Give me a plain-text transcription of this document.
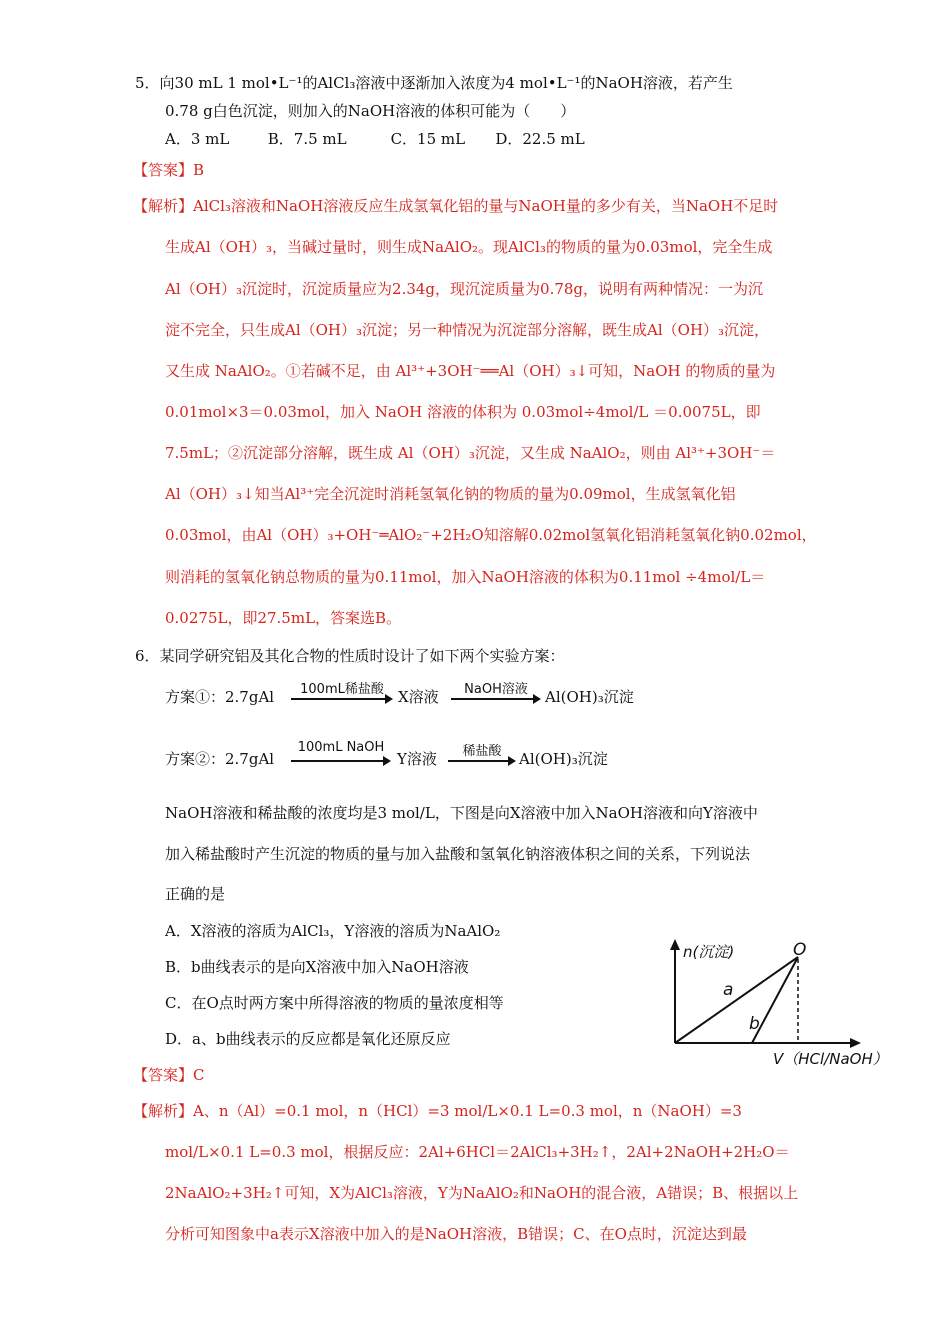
5．向30 mL 1 mol•L⁻¹的AlCl₃溶液中逐渐加入浓度为4 mol•L⁻¹的NaOH溶液，若产生
0.78 g白色沉淀，则加入的NaOH溶液的体积可能为（　　）
A．3 mL	B．7.5 mL	C．15 mL D．22.5 mL
【答案】B
【解析】AlCl₃溶液和NaOH溶液反应生成氢氧化铝的量与NaOH量的多少有关，当NaOH不足时
生成Al（OH）₃，当碱过量时，则生成NaAlO₂。现AlCl₃的物质的量为0.03mol，完全生成
Al（OH）₃沉淀时，沉淀质量应为2.34g，现沉淀质量为0.78g，说明有两种情况：一为沉
淀不完全，只生成Al（OH）₃沉淀；另一种情况为沉淀部分溶解，既生成Al（OH）₃沉淀，
又生成 NaAlO₂。①若碱不足，由 Al³⁺+3OH⁻══Al（OH）₃↓可知，NaOH 的物质的量为
0.01mol×3＝0.03mol，加入 NaOH 溶液的体积为 0.03mol÷4mol/L ＝0.0075L，即
7.5mL；②沉淀部分溶解，既生成 Al（OH）₃沉淀，又生成 NaAlO₂，则由 Al³⁺+3OH⁻＝
Al（OH）₃↓知当Al³⁺完全沉淀时消耗氢氧化钠的物质的量为0.09mol，生成氢氧化铝
0.03mol，由Al（OH）₃+OH⁻═AlO₂⁻+2H₂O知溶解0.02mol氢氧化铝消耗氢氧化钠0.02mol，
则消耗的氢氧化钠总物质的量为0.11mol，加入NaOH溶液的体积为0.11mol ÷4mol/L＝
0.0275L，即27.5mL，答案选B。
6．某同学研究铝及其化合物的性质时设计了如下两个实验方案：
方案①：2.7gAl	100mL稀盐酸 X溶液	NaOH溶液	Al(OH)₃沉淀
方案②：2.7gAl
100mL NaOH
Y溶液	稀盐酸	Al(OH)₃沉淀
NaOH溶液和稀盐酸的浓度均是3 mol/L，下图是向X溶液中加入NaOH溶液和向Y溶液中
加入稀盐酸时产生沉淀的物质的量与加入盐酸和氢氧化钠溶液体积之间的关系，下列说法
正确的是
A．X溶液的溶质为AlCl₃，Y溶液的溶质为NaAlO₂
B．b曲线表示的是向X溶液中加入NaOH溶液
C．在O点时两方案中所得溶液的物质的量浓度相等
D．a、b曲线表示的反应都是氧化还原反应
n(沉淀)	O
a
b
V（HCl/NaOH）
【答案】C
【解析】A、n（Al）=0.1 mol，n（HCl）=3 mol/L×0.1 L=0.3 mol，n（NaOH）=3
mol/L×0.1 L=0.3 mol，根据反应：2Al+6HCl＝2AlCl₃+3H₂↑，2Al+2NaOH+2H₂O＝
2NaAlO₂+3H₂↑可知，X为AlCl₃溶液，Y为NaAlO₂和NaOH的混合液，A错误；B、根据以上
分析可知图象中a表示X溶液中加入的是NaOH溶液，B错误；C、在O点时，沉淀达到最
